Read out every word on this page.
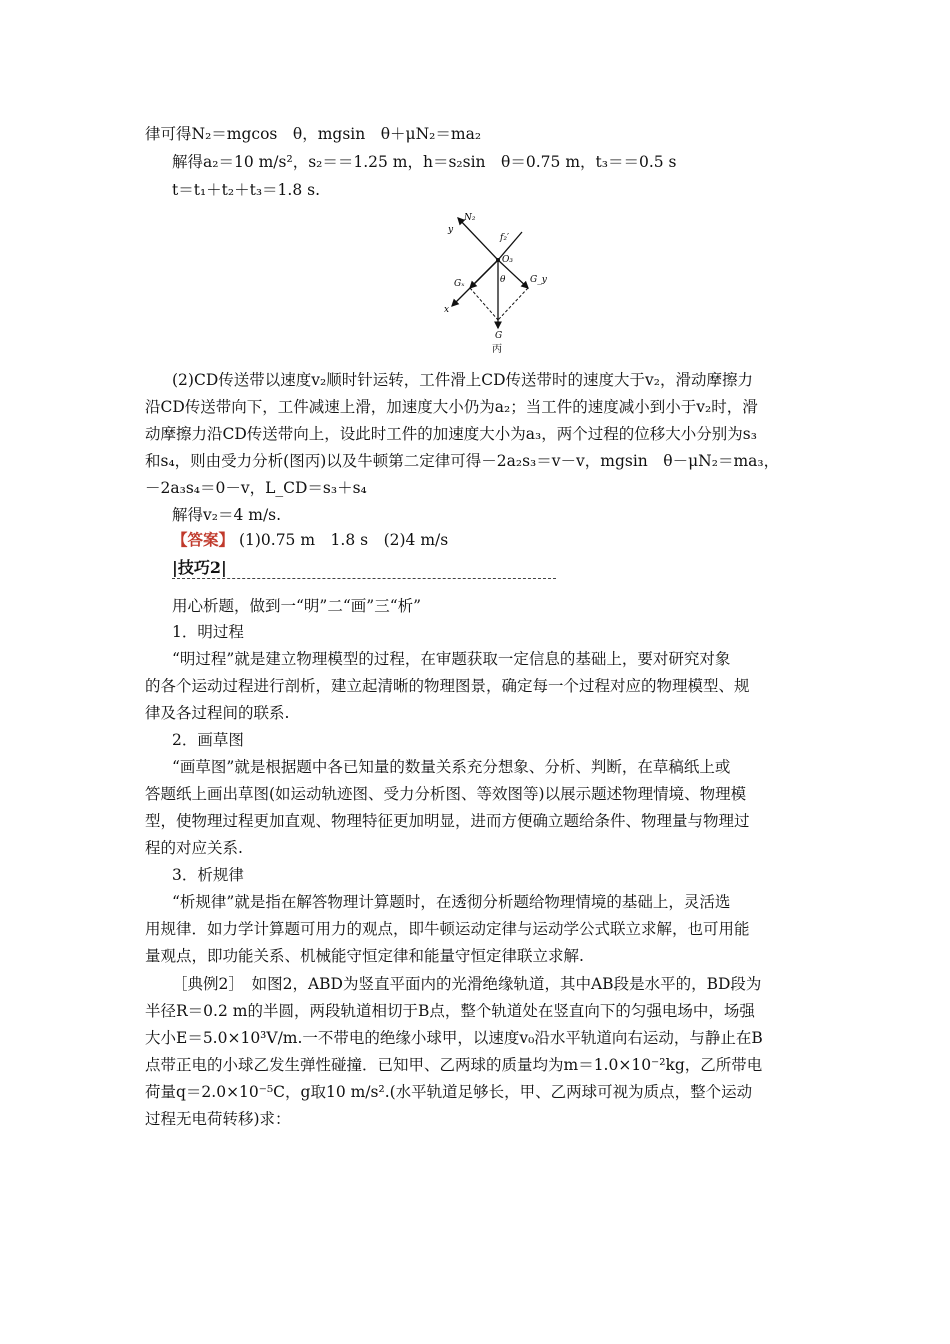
律可得N₂＝mgcos　θ，mgsin　θ＋μN₂＝ma₂
解得a₂＝10 m/s²，s₂＝＝1.25 m，h＝s₂sin　θ＝0.75 m，t₃＝＝0.5 s
t＝t₁＋t₂＋t₃＝1.8 s.
N₂
y
f₂′
O₃
θ
Gₓ	G_y
x
G
丙
(2)CD传送带以速度v₂顺时针运转，工件滑上CD传送带时的速度大于v₂，滑动摩擦力
沿CD传送带向下，工件减速上滑，加速度大小仍为a₂；当工件的速度减小到小于v₂时，滑
动摩擦力沿CD传送带向上，设此时工件的加速度大小为a₃，两个过程的位移大小分别为s₃
和s₄，则由受力分析(图丙)以及牛顿第二定律可得－2a₂s₃＝v－v，mgsin　θ－μN₂＝ma₃，
－2a₃s₄＝0－v，L_CD＝s₃＋s₄
解得v₂＝4 m/s.
【答案】 (1)0.75 m　1.8 s　(2)4 m/s
|技巧2|
用心析题，做到一“明”二“画”三“析”
1．明过程
“明过程”就是建立物理模型的过程，在审题获取一定信息的基础上，要对研究对象
的各个运动过程进行剖析，建立起清晰的物理图景，确定每一个过程对应的物理模型、规
律及各过程间的联系.
2．画草图
“画草图”就是根据题中各已知量的数量关系充分想象、分析、判断，在草稿纸上或
答题纸上画出草图(如运动轨迹图、受力分析图、等效图等)以展示题述物理情境、物理模
型，使物理过程更加直观、物理特征更加明显，进而方便确立题给条件、物理量与物理过
程的对应关系.
3．析规律
“析规律”就是指在解答物理计算题时，在透彻分析题给物理情境的基础上，灵活选
用规律．如力学计算题可用力的观点，即牛顿运动定律与运动学公式联立求解，也可用能
量观点，即功能关系、机械能守恒定律和能量守恒定律联立求解.
［典例2］　如图2，ABD为竖直平面内的光滑绝缘轨道，其中AB段是水平的，BD段为
半径R＝0.2 m的半圆，两段轨道相切于B点，整个轨道处在竖直向下的匀强电场中，场强
大小E＝5.0×10³V/m.一不带电的绝缘小球甲，以速度v₀沿水平轨道向右运动，与静止在B
点带正电的小球乙发生弹性碰撞．已知甲、乙两球的质量均为m＝1.0×10⁻²kg，乙所带电
荷量q＝2.0×10⁻⁵C，g取10 m/s².(水平轨道足够长，甲、乙两球可视为质点，整个运动
过程无电荷转移)求：
